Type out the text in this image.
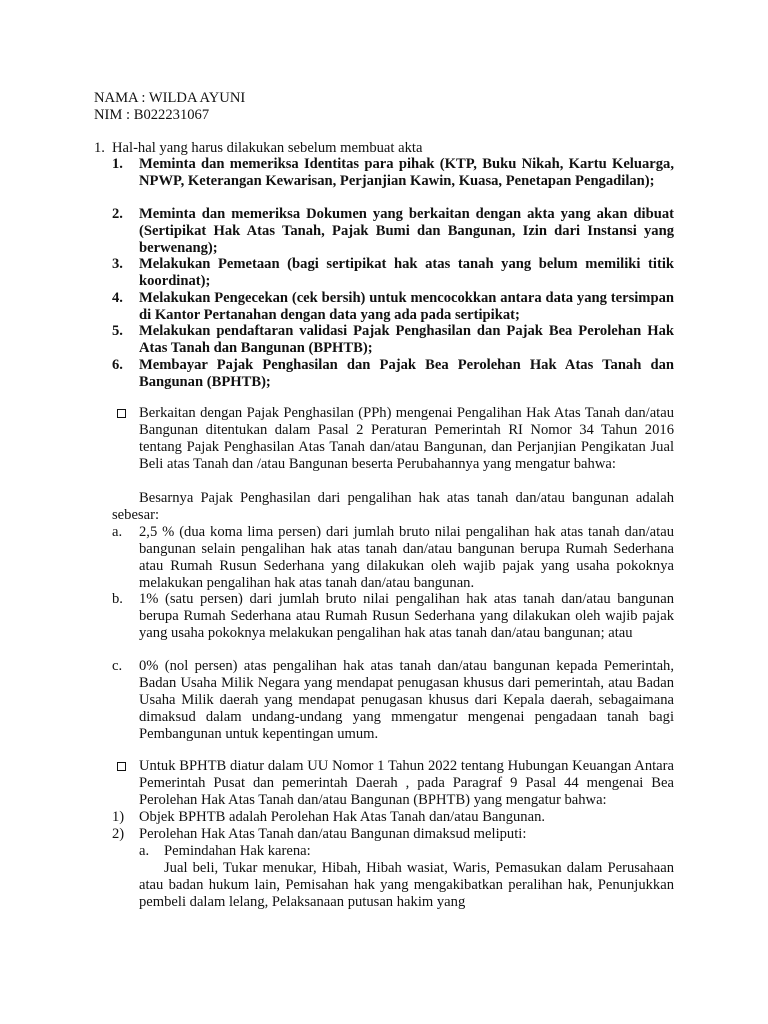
NAMA : WILDA AYUNI
NIM : B022231067
1. Hal-hal yang harus dilakukan sebelum membuat akta
1. Meminta dan memeriksa Identitas para pihak (KTP, Buku Nikah, Kartu Keluarga, NPWP, Keterangan Kewarisan, Perjanjian Kawin, Kuasa, Penetapan Pengadilan);
2. Meminta dan memeriksa Dokumen yang berkaitan dengan akta yang akan dibuat (Sertipikat Hak Atas Tanah, Pajak Bumi dan Bangunan, Izin dari Instansi yang berwenang);
3. Melakukan Pemetaan (bagi sertipikat hak atas tanah yang belum memiliki titik koordinat);
4. Melakukan Pengecekan (cek bersih) untuk mencocokkan antara data yang tersimpan di Kantor Pertanahan dengan data yang ada pada sertipikat;
5. Melakukan pendaftaran validasi Pajak Penghasilan dan Pajak Bea Perolehan Hak Atas Tanah dan Bangunan (BPHTB);
6. Membayar Pajak Penghasilan dan Pajak Bea Perolehan Hak Atas Tanah dan Bangunan (BPHTB);
Berkaitan dengan Pajak Penghasilan (PPh) mengenai Pengalihan Hak Atas Tanah dan/atau Bangunan ditentukan dalam Pasal 2 Peraturan Pemerintah RI Nomor 34 Tahun 2016 tentang Pajak Penghasilan Atas Tanah dan/atau Bangunan, dan Perjanjian Pengikatan Jual Beli atas Tanah dan /atau Bangunan beserta Perubahannya yang mengatur bahwa:
Besarnya Pajak Penghasilan dari pengalihan hak atas tanah dan/atau bangunan adalah sebesar:
a. 2,5 % (dua koma lima persen) dari jumlah bruto nilai pengalihan hak atas tanah dan/atau bangunan selain pengalihan hak atas tanah dan/atau bangunan berupa Rumah Sederhana atau Rumah Rusun Sederhana yang dilakukan oleh wajib pajak yang usaha pokoknya melakukan pengalihan hak atas tanah dan/atau bangunan.
b. 1% (satu persen) dari jumlah bruto nilai pengalihan hak atas tanah dan/atau bangunan berupa Rumah Sederhana atau Rumah Rusun Sederhana yang dilakukan oleh wajib pajak yang usaha pokoknya melakukan pengalihan hak atas tanah dan/atau bangunan; atau
c. 0% (nol persen) atas pengalihan hak atas tanah dan/atau bangunan kepada Pemerintah, Badan Usaha Milik Negara yang mendapat penugasan khusus dari pemerintah, atau Badan Usaha Milik daerah yang mendapat penugasan khusus dari Kepala daerah, sebagaimana dimaksud dalam undang-undang yang mmengatur mengenai pengadaan tanah bagi Pembangunan untuk kepentingan umum.
Untuk BPHTB diatur dalam UU Nomor 1 Tahun 2022 tentang Hubungan Keuangan Antara Pemerintah Pusat dan pemerintah Daerah , pada Paragraf 9 Pasal 44 mengenai Bea Perolehan Hak Atas Tanah dan/atau Bangunan (BPHTB) yang mengatur bahwa:
1) Objek BPHTB adalah Perolehan Hak Atas Tanah dan/atau Bangunan.
2) Perolehan Hak Atas Tanah dan/atau Bangunan dimaksud meliputi:
a. Pemindahan Hak karena:
Jual beli, Tukar menukar, Hibah, Hibah wasiat, Waris, Pemasukan dalam Perusahaan atau badan hukum lain, Pemisahan hak yang mengakibatkan peralihan hak, Penunjukkan pembeli dalam lelang, Pelaksanaan putusan hakim yang
